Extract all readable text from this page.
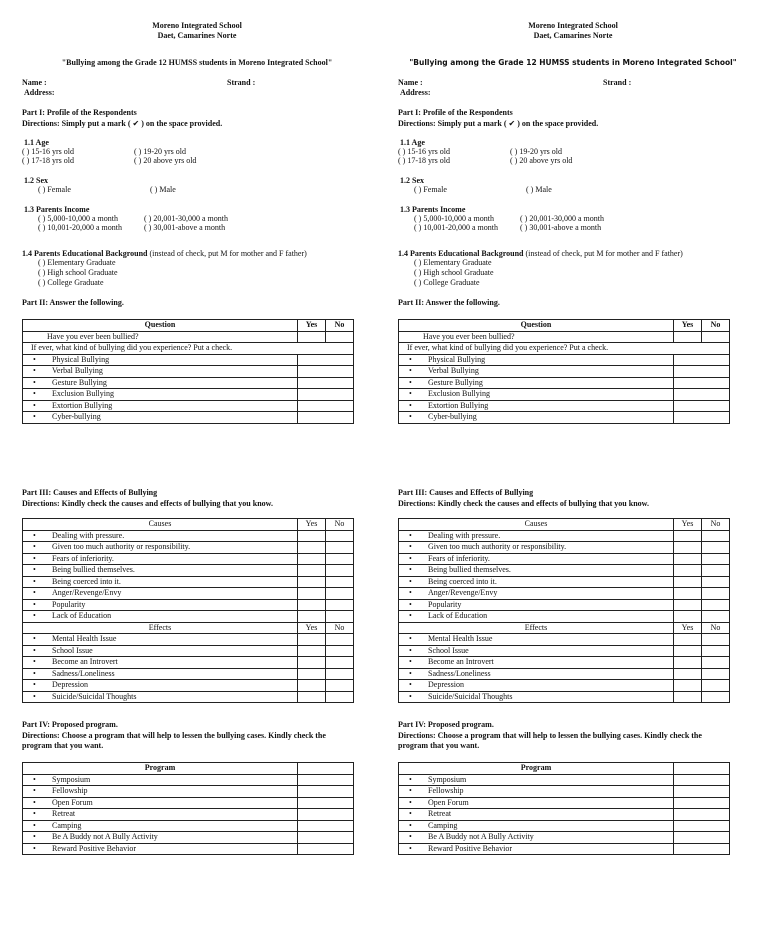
Moreno Integrated School
Daet, Camarines Norte
"Bullying among the Grade 12 HUMSS students in Moreno Integrated School"
Name :	Strand :
Address:
Part I: Profile of the Respondents
Directions: Simply put a mark ( ✔ ) on the space provided.
1.1 Age
( ) 15-16 yrs old
( ) 17-18 yrs old
( ) 19-20 yrs old
( ) 20 above yrs old
1.2 Sex
( ) Female	( ) Male
1.3 Parents Income
( ) 5,000-10,000 a month
( ) 10,001-20,000 a month
( ) 20,001-30,000 a month
( ) 30,001-above a month
1.4 Parents Educational Background (instead of check, put M for mother and F father)
( ) Elementary Graduate
( ) High school Graduate
( ) College Graduate
Part II: Answer the following.
Question	Yes	No
Have you ever been bullied?		
If ever, what kind of bullying did you experience? Put a check.		
• Physical Bullying	
• Verbal Bullying	
• Gesture Bullying	
• Exclusion Bullying	
• Extortion Bullying	
• Cyber-bullying	
Part III: Causes and Effects of Bullying
Directions: Kindly check the causes and effects of bullying that you know.
Causes	Yes	No
• Dealing with pressure.		
• Given too much authority or responsibility.		
• Fears of inferiority.		
• Being bullied themselves.		
• Being coerced into it.		
• Anger/Revenge/Envy		
• Popularity		
• Lack of Education		
Effects	Yes	No
• Mental Health Issue		
• School Issue		
• Become an Introvert		
• Sadness/Loneliness		
• Depression		
• Suicide/Suicidal Thoughts		
Part IV: Proposed program.
Directions: Choose a program that will help to lessen the bullying cases. Kindly check the
program that you want.
Program	
• Symposium	
• Fellowship	
• Open Forum	
• Retreat	
• Camping	
• Be A Buddy not A Bully Activity	
• Reward Positive Behavior	
Moreno Integrated School
Daet, Camarines Norte
"Bullying among the Grade 12 HUMSS students in Moreno Integrated School"
Name :	Strand :
Address:
Part I: Profile of the Respondents
Directions: Simply put a mark ( ✔ ) on the space provided.
1.1 Age
( ) 15-16 yrs old
( ) 17-18 yrs old
( ) 19-20 yrs old
( ) 20 above yrs old
1.2 Sex
( ) Female	( ) Male
1.3 Parents Income
( ) 5,000-10,000 a month
( ) 10,001-20,000 a month
( ) 20,001-30,000 a month
( ) 30,001-above a month
1.4 Parents Educational Background (instead of check, put M for mother and F father)
( ) Elementary Graduate
( ) High school Graduate
( ) College Graduate
Part II: Answer the following.
Question	Yes	No
Have you ever been bullied?		
If ever, what kind of bullying did you experience? Put a check.		
• Physical Bullying	
• Verbal Bullying	
• Gesture Bullying	
• Exclusion Bullying	
• Extortion Bullying	
• Cyber-bullying	
Part III: Causes and Effects of Bullying
Directions: Kindly check the causes and effects of bullying that you know.
Causes	Yes	No
• Dealing with pressure.		
• Given too much authority or responsibility.		
• Fears of inferiority.		
• Being bullied themselves.		
• Being coerced into it.		
• Anger/Revenge/Envy		
• Popularity		
• Lack of Education		
Effects	Yes	No
• Mental Health Issue		
• School Issue		
• Become an Introvert		
• Sadness/Loneliness		
• Depression		
• Suicide/Suicidal Thoughts		
Part IV: Proposed program.
Directions: Choose a program that will help to lessen the bullying cases. Kindly check the
program that you want.
Program	
• Symposium	
• Fellowship	
• Open Forum	
• Retreat	
• Camping	
• Be A Buddy not A Bully Activity	
• Reward Positive Behavior	
